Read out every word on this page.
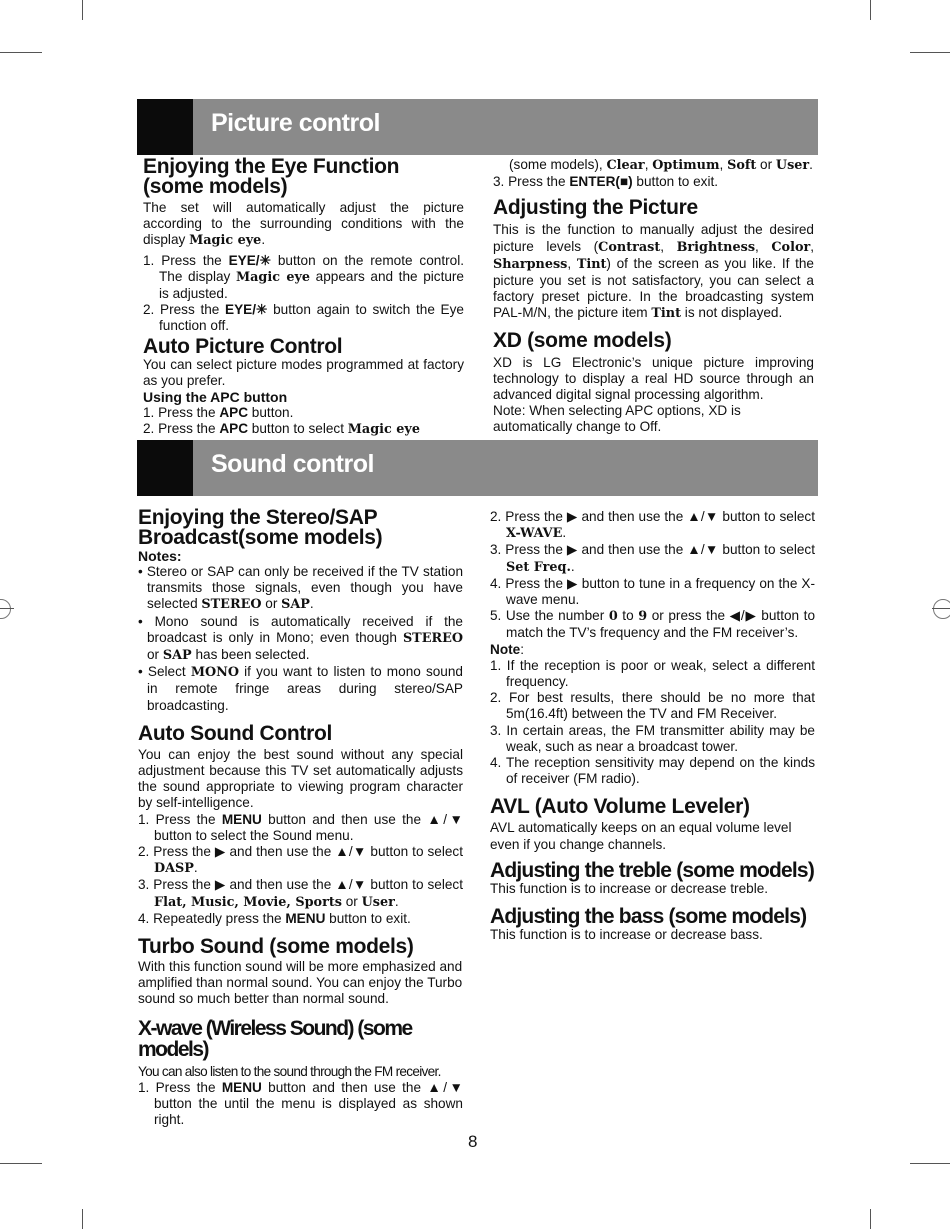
Picture control
Enjoying the Eye Function
(some models)

The set will automatically adjust the picture according to the surrounding conditions with the display Magic eye.

1. Press the EYE/✳ button on the remote control. The display Magic eye appears and the picture is adjusted.

2. Press the EYE/✳ button again to switch the Eye function off.

Auto Picture Control

You can select picture modes programmed at factory as you prefer.

Using the APC button

1. Press the APC button.

2. Press the APC button to select Magic eye

(some models), Clear, Optimum, Soft or User.

3. Press the ENTER(■) button to exit.

Adjusting the Picture

This is the function to manually adjust the desired picture levels (Contrast, Brightness, Color, Sharpness, Tint) of the screen as you like. If the picture you set is not satisfactory, you can select a factory preset picture. In the broadcasting system PAL-M/N, the picture item Tint is not displayed.

XD (some models)

XD is LG Electronic’s unique picture improving technology to display a real HD source through an advanced digital signal processing algorithm.

Note: When selecting APC options, XD is automatically change to Off.

Sound control
Enjoying the Stereo/SAP
Broadcast(some models)
Notes:

• Stereo or SAP can only be received if the TV station transmits those signals, even though you have selected STEREO or SAP.

• Mono sound is automatically received if the broadcast is only in Mono; even though STEREO or SAP has been selected.

• Select MONO if you want to listen to mono sound in remote fringe areas during stereo/SAP broadcasting.

Auto Sound Control

You can enjoy the best sound without any special adjustment because this TV set automatically adjusts the sound appropriate to viewing program character by self-intelligence.

1. Press the MENU button and then use the ▲/▼ button to select the Sound menu.

2. Press the ▶ and then use the ▲/▼ button to select DASP.

3. Press the ▶ and then use the ▲/▼ button to select Flat, Music, Movie, Sports or User.

4. Repeatedly press the MENU button to exit.

Turbo Sound (some models)

With this function sound will be more emphasized and amplified than normal sound. You can enjoy the Turbo sound so much better than normal sound.

X-wave (Wireless Sound) (some models)

You can also listen to the sound through the FM receiver.

1. Press the MENU button and then use the ▲/▼ button the until the menu is displayed as shown right.

2. Press the ▶ and then use the ▲/▼ button to select X-WAVE.

3. Press the ▶ and then use the ▲/▼ button to select Set Freq..

4. Press the ▶ button to tune in a frequency on the X-wave menu.

5. Use the number 0 to 9 or press the ◀/▶ button to match the TV’s frequency and the FM receiver’s.

Note:

1. If the reception is poor or weak, select a different frequency.

2. For best results, there should be no more that 5m(16.4ft) between the TV and FM Receiver.

3. In certain areas, the FM transmitter ability may be weak, such as near a broadcast tower.

4. The reception sensitivity may depend on the kinds of receiver (FM radio).

AVL (Auto Volume Leveler)

AVL automatically keeps on an equal volume level even if you change channels.

Adjusting the treble (some models)

This function is to increase or decrease treble.

Adjusting the bass (some models)

This function is to increase or decrease bass.

8
